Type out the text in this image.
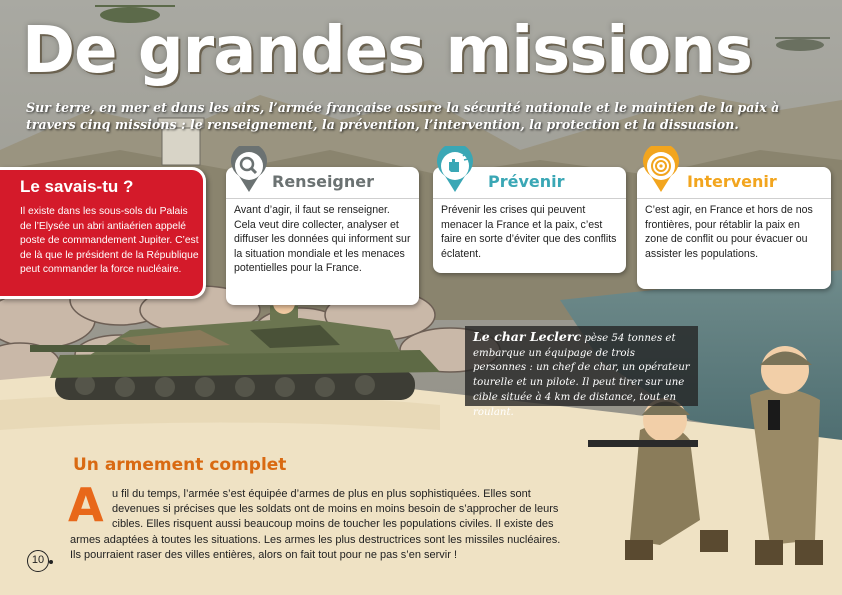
De grandes missions
Sur terre, en mer et dans les airs, l’armée française assure la sécurité nationale et le maintien de la paix à travers cinq missions : le renseignement, la prévention, l’intervention, la protection et la dissuasion.
Le savais-tu ?

Il existe dans les sous-sols du Palais de l’Elysée un abri antiaérien appelé poste de commandement Jupiter. C’est de là que le président de la République peut commander la force nucléaire.

Renseigner

Avant d’agir, il faut se renseigner. Cela veut dire collecter, analyser et diffuser les données qui informent sur la situation mondiale et les menaces potentielles pour la France.

Prévenir

Prévenir les crises qui peuvent menacer la France et la paix, c’est faire en sorte d’éviter que des conflits éclatent.

Intervenir

C’est agir, en France et hors de nos frontières, pour rétablir la paix en zone de conflit ou pour évacuer ou assister les populations.

Le char Leclerc pèse 54 tonnes et embarque un équipage de trois personnes : un chef de char, un opérateur tourelle et un pilote. Il peut tirer sur une cible située à 4 km de distance, tout en roulant.

Un armement complet
A u fil du temps, l’armée s’est équipée d’armes de plus en plus sophistiquées. Elles sont
devenues si précises que les soldats ont de moins en moins besoin de s’approcher de leurs
cibles. Elles risquent aussi beaucoup moins de toucher les populations civiles. Il existe des
armes adaptées à toutes les situations. Les armes les plus destructrices sont les missiles nucléaires.
Ils pourraient raser des villes entières, alors on fait tout pour ne pas s’en servir !
10
